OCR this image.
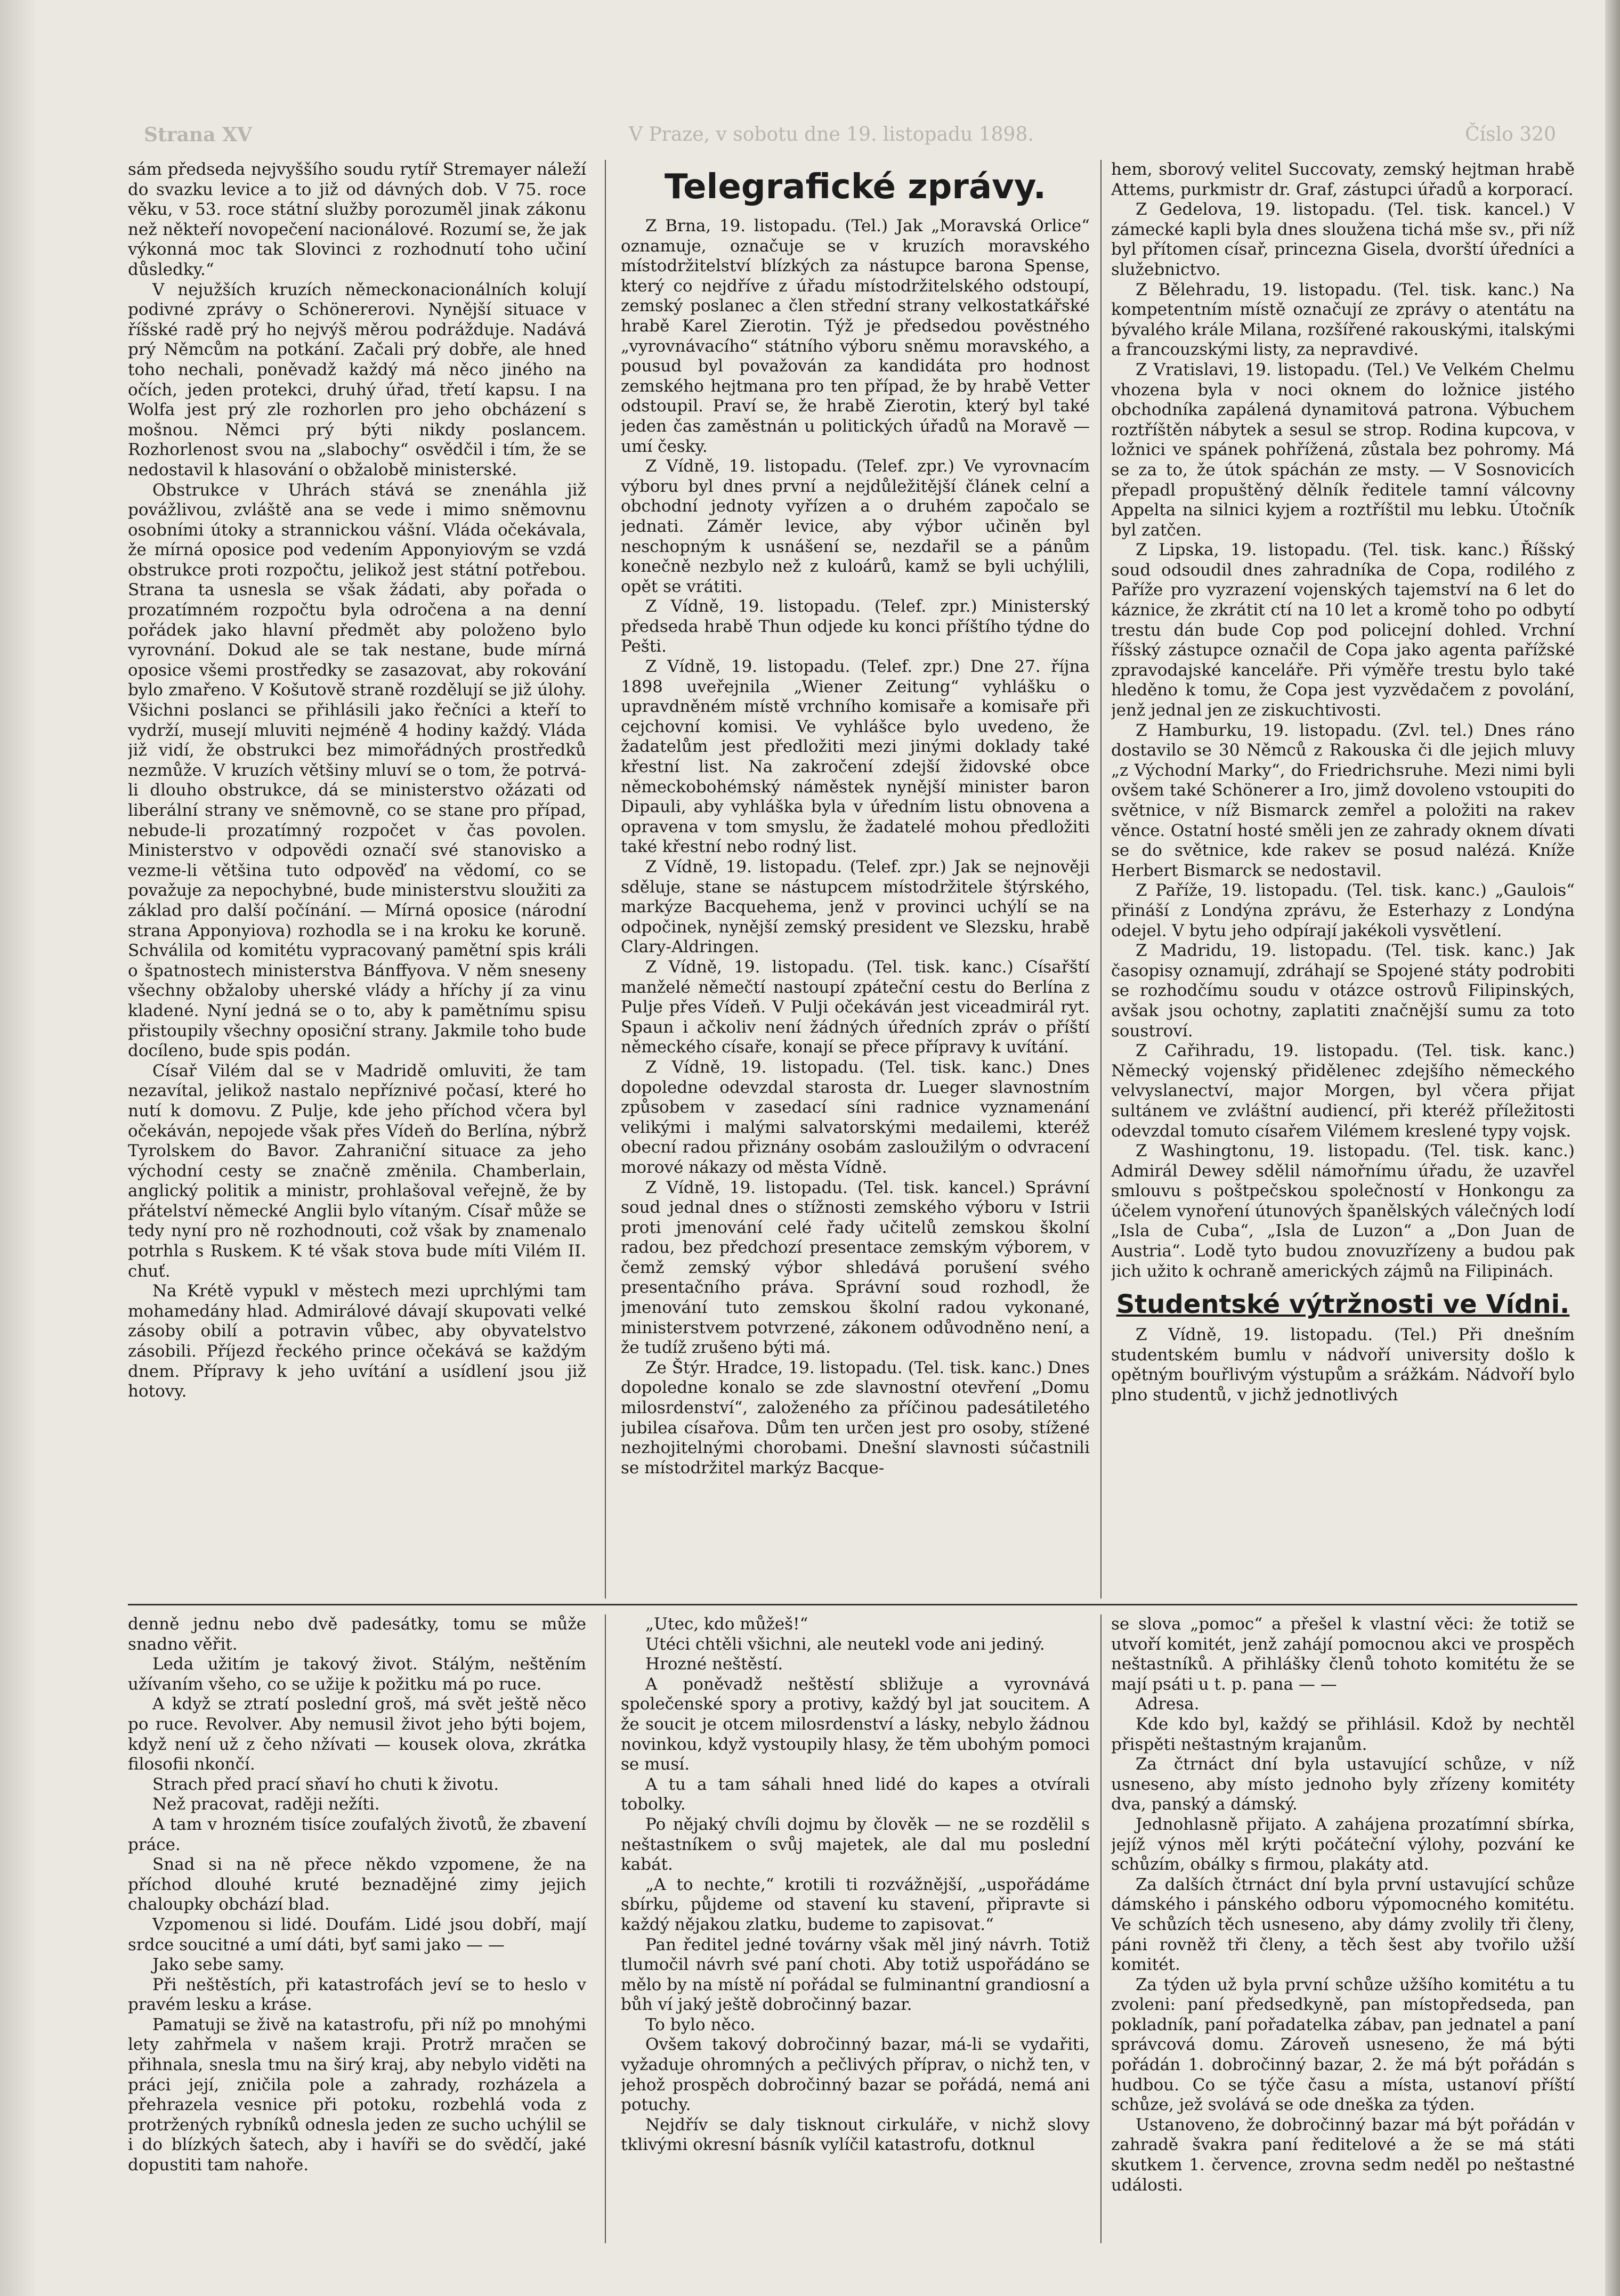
Strana XV	V Praze, v sobotu dne 19. listopadu 1898.	Číslo 320

sám předseda nejvyššího soudu rytíř Stremayer náleží do svazku levice a to již od dávných dob. V 75. roce věku, v 53. roce státní služby porozuměl jinak zákonu než někteří novopečení nacionálové. Rozumí se, že jak výkonná moc tak Slovinci z rozhodnutí toho učiní důsledky.“

V nejužších kruzích německonacionálních kolují podivné zprávy o Schönererovi. Nynější situace v říšské radě prý ho nejvýš měrou podrážduje. Nadává prý Němcům na potkání. Začali prý dobře, ale hned toho nechali, poněvadž každý má něco jiného na očích, jeden protekci, druhý úřad, třetí kapsu. I na Wolfa jest prý zle rozhorlen pro jeho obcházení s mošnou. Němci prý býti nikdy poslancem. Rozhorlenost svou na „slabochy“ osvědčil i tím, že se nedostavil k hlasování o obžalobě ministerské.

Obstrukce v Uhrách stává se znenáhla již povážlivou, zvláště ana se vede i mimo sněmovnu osobními útoky a strannickou vášní. Vláda očekávala, že mírná oposice pod vedením Apponyiovým se vzdá obstrukce proti rozpočtu, jelikož jest státní potřebou. Strana ta usnesla se však žádati, aby pořada o prozatímném rozpočtu byla odročena a na denní pořádek jako hlavní předmět aby položeno bylo vyrovnání. Dokud ale se tak nestane, bude mírná oposice všemi prostředky se zasazovat, aby rokování bylo zmařeno. V Košutově straně rozdělují se již úlohy. Všichni poslanci se přihlásili jako řečníci a kteří to vydrží, musejí mluviti nejméně 4 hodiny každý. Vláda již vidí, že obstrukci bez mimořádných prostředků nezmůže. V kruzích většiny mluví se o tom, že potrvá-li dlouho obstrukce, dá se ministerstvo ožázati od liberální strany ve sněmovně, co se stane pro případ, nebude-li prozatímný rozpočet v čas povolen. Ministerstvo v odpovědi označí své stanovisko a vezme-li většina tuto odpověď na vědomí, co se považuje za nepochybné, bude ministerstvu sloužiti za základ pro další počínání. — Mírná oposice (národní strana Apponyiova) rozhodla se i na kroku ke koruně. Schválila od komitétu vypracovaný pamětní spis králi o špatnostech ministerstva Bánffyova. V něm sneseny všechny obžaloby uherské vlády a hříchy jí za vinu kladené. Nyní jedná se o to, aby k pamětnímu spisu přistoupily všechny oposiční strany. Jakmile toho bude docíleno, bude spis podán.

Císař Vilém dal se v Madridě omluviti, že tam nezavítal, jelikož nastalo nepříznivé počasí, které ho nutí k domovu. Z Pulje, kde jeho příchod včera byl očekáván, nepojede však přes Vídeň do Berlína, nýbrž Tyrolskem do Bavor. Zahraniční situace za jeho východní cesty se značně změnila. Chamberlain, anglický politik a ministr, prohlašoval veřejně, že by přátelství německé Anglii bylo vítaným. Císař může se tedy nyní pro ně rozhodnouti, což však by znamenalo potrhla s Ruskem. K té však stova bude míti Vilém II. chuť.

Na Krétě vypukl v městech mezi uprchlými tam mohamedány hlad. Admirálové dávají skupovati velké zásoby obilí a potravin vůbec, aby obyvatelstvo zásobili. Příjezd řeckého prince očekává se každým dnem. Přípravy k jeho uvítání a usídlení jsou již hotovy.

Telegrafické zprávy.

Z Brna, 19. listopadu. (Tel.) Jak „Moravská Orlice“ oznamuje, označuje se v kruzích moravského místodržitelství blízkých za nástupce barona Spense, který co nejdříve z úřadu místodržitelského odstoupí, zemský poslanec a člen střední strany velkostatkářské hrabě Karel Zierotin. Týž je předsedou pověstného „vyrovnávacího“ státního výboru sněmu moravského, a pousud byl považován za kandidáta pro hodnost zemského hejtmana pro ten případ, že by hrabě Vetter odstoupil. Praví se, že hrabě Zierotin, který byl také jeden čas zaměstnán u politických úřadů na Moravě — umí česky.

Z Vídně, 19. listopadu. (Telef. zpr.) Ve vyrovnacím výboru byl dnes první a nejdůležitější článek celní a obchodní jednoty vyřízen a o druhém započalo se jednati. Záměr levice, aby výbor učiněn byl neschopným k usnášení se, nezdařil se a pánům konečně nezbylo než z kuloárů, kamž se byli uchýlili, opět se vrátiti.

Z Vídně, 19. listopadu. (Telef. zpr.) Ministerský předseda hrabě Thun odjede ku konci příštího týdne do Pešti.

Z Vídně, 19. listopadu. (Telef. zpr.) Dne 27. října 1898 uveřejnila „Wiener Zeitung“ vyhlášku o upravdněném místě vrchního komisaře a komisaře při cejchovní komisi. Ve vyhlášce bylo uvedeno, že žadatelům jest předložiti mezi jinými doklady také křestní list. Na zakročení zdejší židovské obce německobohémský náměstek nynější minister baron Dipauli, aby vyhláška byla v úředním listu obnovena a opravena v tom smyslu, že žadatelé mohou předložiti také křestní nebo rodný list.

Z Vídně, 19. listopadu. (Telef. zpr.) Jak se nejnověji sděluje, stane se nástupcem místodržitele štýrského, markýze Bacquehema, jenž v provinci uchýlí se na odpočinek, nynější zemský president ve Slezsku, hrabě Clary-Aldringen.

Z Vídně, 19. listopadu. (Tel. tisk. kanc.) Císařští manželé němečtí nastoupí zpáteční cestu do Berlína z Pulje přes Vídeň. V Pulji očekáván jest viceadmirál ryt. Spaun i ačkoliv není žádných úředních zpráv o příští německého císaře, konají se přece přípravy k uvítání.

Z Vídně, 19. listopadu. (Tel. tisk. kanc.) Dnes dopoledne odevzdal starosta dr. Lueger slavnostním způsobem v zasedací síni radnice vyznamenání velikými i malými salvatorskými medailemi, kteréž obecní radou přiznány osobám zasloužilým o odvracení morové nákazy od města Vídně.

Z Vídně, 19. listopadu. (Tel. tisk. kancel.) Správní soud jednal dnes o stížnosti zemského výboru v Istrii proti jmenování celé řady učitelů zemskou školní radou, bez předchozí presentace zemským výborem, v čemž zemský výbor shledává porušení svého presentačního práva. Správní soud rozhodl, že jmenování tuto zemskou školní radou vykonané, ministerstvem potvrzené, zákonem odůvodněno není, a že tudíž zrušeno býti má.

Ze Štýr. Hradce, 19. listopadu. (Tel. tisk. kanc.) Dnes dopoledne konalo se zde slavnostní otevření „Domu milosrdenství“, založeného za příčinou padesátiletého jubilea císařova. Dům ten určen jest pro osoby, stížené nezhojitelnými chorobami. Dnešní slavnosti súčastnili se místodržitel markýz Bacque-

hem, sborový velitel Succovaty, zemský hejtman hrabě Attems, purkmistr dr. Graf, zástupci úřadů a korporací.

Z Gedelova, 19. listopadu. (Tel. tisk. kancel.) V zámecké kapli byla dnes sloužena tichá mše sv., při níž byl přítomen císař, princezna Gisela, dvorští úředníci a služebnictvo.

Z Bělehradu, 19. listopadu. (Tel. tisk. kanc.) Na kompetentním místě označují ze zprávy o atentátu na bývalého krále Milana, rozšířené rakouskými, italskými a francouzskými listy, za nepravdivé.

Z Vratislavi, 19. listopadu. (Tel.) Ve Velkém Chelmu vhozena byla v noci oknem do ložnice jistého obchodníka zapálená dynamitová patrona. Výbuchem roztříštěn nábytek a sesul se strop. Rodina kupcova, v ložnici ve spánek pohřížená, zůstala bez pohromy. Má se za to, že útok spáchán ze msty. — V Sosnovicích přepadl propuštěný dělník ředitele tamní válcovny Appelta na silnici kyjem a roztříštil mu lebku. Útočník byl zatčen.

Z Lipska, 19. listopadu. (Tel. tisk. kanc.) Říšský soud odsoudil dnes zahradníka de Copa, rodilého z Paříže pro vyzrazení vojenských tajemství na 6 let do káznice, že zkrátit ctí na 10 let a kromě toho po odbytí trestu dán bude Cop pod policejní dohled. Vrchní říšský zástupce označil de Copa jako agenta pařížské zpravodajské kanceláře. Při výměře trestu bylo také hleděno k tomu, že Copa jest vyzvědačem z povolání, jenž jednal jen ze ziskuchtivosti.

Z Hamburku, 19. listopadu. (Zvl. tel.) Dnes ráno dostavilo se 30 Němců z Rakouska či dle jejich mluvy „z Východní Marky“, do Friedrichsruhe. Mezi nimi byli ovšem také Schönerer a Iro, jimž dovoleno vstoupiti do světnice, v níž Bismarck zemřel a položiti na rakev věnce. Ostatní hosté směli jen ze zahrady oknem dívati se do světnice, kde rakev se posud nalézá. Kníže Herbert Bismarck se nedostavil.

Z Paříže, 19. listopadu. (Tel. tisk. kanc.) „Gaulois“ přináší z Londýna zprávu, že Esterhazy z Londýna odejel. V bytu jeho odpírají jakékoli vysvětlení.

Z Madridu, 19. listopadu. (Tel. tisk. kanc.) Jak časopisy oznamují, zdráhají se Spojené státy podrobiti se rozhodčímu soudu v otázce ostrovů Filipinských, avšak jsou ochotny, zaplatiti značnější sumu za toto soustroví.

Z Cařihradu, 19. listopadu. (Tel. tisk. kanc.) Německý vojenský přidělenec zdejšího německého velvyslanectví, major Morgen, byl včera přijat sultánem ve zvláštní audiencí, při kteréž příležitosti odevzdal tomuto císařem Vilémem kreslené typy vojsk.

Z Washingtonu, 19. listopadu. (Tel. tisk. kanc.) Admirál Dewey sdělil námořnímu úřadu, že uzavřel smlouvu s poštpečskou společností v Honkongu za účelem vynoření útunových španělských válečných lodí „Isla de Cuba“, „Isla de Luzon“ a „Don Juan de Austria“. Lodě tyto budou znovuzřízeny a budou pak jich užito k ochraně amerických zájmů na Filipinách.

Studentské výtržnosti ve Vídni.

Z Vídně, 19. listopadu. (Tel.) Při dnešním studentském bumlu v nádvoří university došlo k opětným bouřlivým výstupům a srážkám. Nádvoří bylo plno studentů, v jichž jednotlivých

denně jednu nebo dvě padesátky, tomu se může snadno věřit.

Leda užitím je takový život. Stálým, neštěním užívaním všeho, co se užije k požitku má po ruce.

A když se ztratí poslední groš, má svět ještě něco po ruce. Revolver. Aby nemusil život jeho býti bojem, když není už z čeho nžívati — kousek olova, zkrátka filosofii nkončí.

Strach před prací sňaví ho chuti k životu.

Než pracovat, raději nežíti.

A tam v hrozném tisíce zoufalých životů, že zbavení práce.

Snad si na ně přece někdo vzpomene, že na příchod dlouhé kruté beznadějné zimy jejich chaloupky obchází blad.

Vzpomenou si lidé. Doufám. Lidé jsou dobří, mají srdce soucitné a umí dáti, byť sami jako — —

Jako sebe samy.

Při neštěstích, při katastrofách jeví se to heslo v pravém lesku a kráse.

Pamatuji se živě na katastrofu, při níž po mnohými lety zahřmela v našem kraji. Protrž mračen se přihnala, snesla tmu na širý kraj, aby nebylo viděti na práci její, zničila pole a zahrady, rozházela a přehrazela vesnice při potoku, rozbehlá voda z protržených rybníků odnesla jeden ze sucho uchýlil se i do blízkých šatech, aby i havíři se do svědčí, jaké dopustiti tam nahoře.

„Utec, kdo můžeš!“

Utéci chtěli všichni, ale neutekl vode ani jediný.

Hrozné neštěstí.

A poněvadž neštěstí sbližuje a vyrovnává společenské spory a protivy, každý byl jat soucitem. A že soucit je otcem milosrdenství a lásky, nebylo žádnou novinkou, když vystoupily hlasy, že těm ubohým pomoci se musí.

A tu a tam sáhali hned lidé do kapes a otvírali tobolky.

Po nějaký chvíli dojmu by člověk — ne se rozdělil s neštastníkem o svůj majetek, ale dal mu poslední kabát.

„A to nechte,“ krotili ti rozvážnější, „uspořádáme sbírku, půjdeme od stavení ku stavení, připravte si každý nějakou zlatku, budeme to zapisovat.“

Pan ředitel jedné továrny však měl jiný návrh. Totiž tlumočil návrh své paní choti. Aby totiž uspořádáno se mělo by na místě ní pořádal se fulminantní grandiosní a bůh ví jaký ještě dobročinný bazar.

To bylo něco.

Ovšem takový dobročinný bazar, má-li se vydařiti, vyžaduje ohromných a pečlivých příprav, o nichž ten, v jehož prospěch dobročinný bazar se pořádá, nemá ani potuchy.

Nejdřív se daly tisknout cirkuláře, v nichž slovy tklivými okresní básník vylíčil katastrofu, dotknul

se slova „pomoc“ a přešel k vlastní věci: že totiž se utvoří komitét, jenž zahájí pomocnou akci ve prospěch neštastníků. A přihlášky členů tohoto komitétu že se mají psáti u t. p. pana — —

Adresa.

Kde kdo byl, každý se přihlásil. Kdož by nechtěl přispěti neštastným krajanům.

Za čtrnáct dní byla ustavující schůze, v níž usneseno, aby místo jednoho byly zřízeny komitéty dva, panský a dámský.

Jednohlasně přijato. A zahájena prozatímní sbírka, jejíž výnos měl krýti počáteční výlohy, pozvání ke schůzím, obálky s firmou, plakáty atd.

Za dalších čtrnáct dní byla první ustavující schůze dámského i pánského odboru výpomocného komitétu. Ve schůzích těch usneseno, aby dámy zvolily tři členy, páni rovněž tři členy, a těch šest aby tvořilo užší komitét.

Za týden už byla první schůze užšího komitétu a tu zvoleni: paní předsedkyně, pan místopředseda, pan pokladník, paní pořadatelka zábav, pan jednatel a paní správcová domu. Zároveň usneseno, že má býti pořádán 1. dobročinný bazar, 2. že má být pořádán s hudbou. Co se týče času a místa, ustanoví příští schůze, jež svolává se ode dneška za týden.

Ustanoveno, že dobročinný bazar má být pořádán v zahradě švakra paní ředitelové a že se má státi skutkem 1. července, zrovna sedm neděl po neštastné události.
